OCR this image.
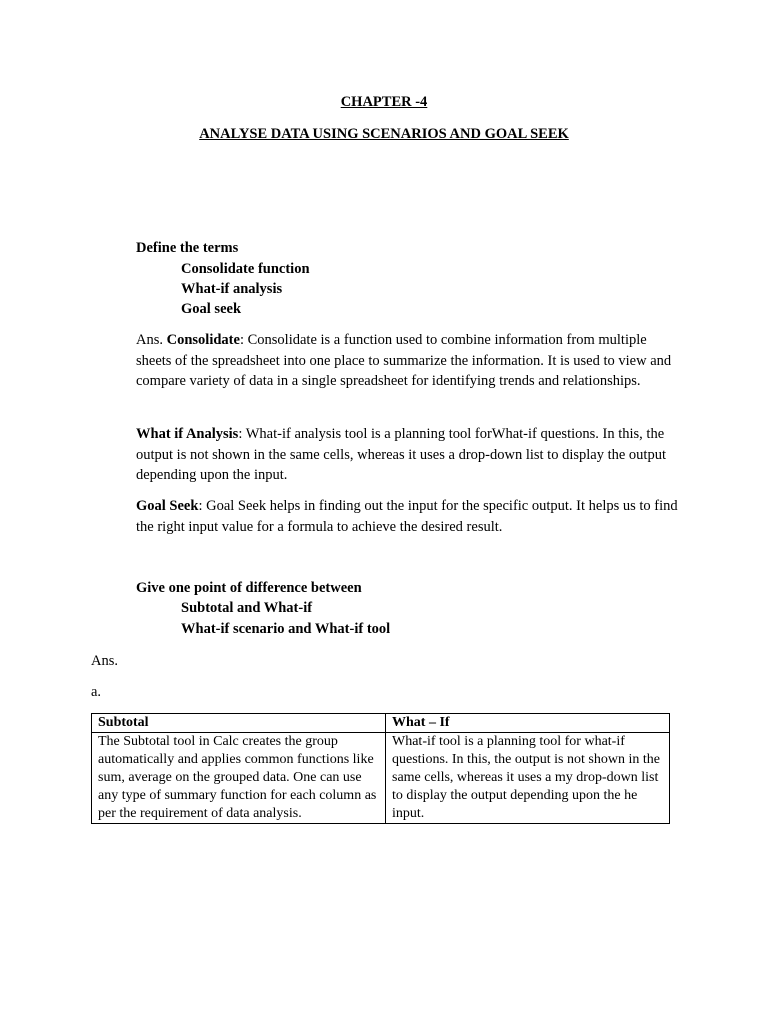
CHAPTER -4
ANALYSE DATA USING SCENARIOS AND GOAL SEEK
Define the terms
Consolidate function
What-if analysis
Goal seek
Ans. Consolidate: Consolidate is a function used to combine information from multiple sheets of the spreadsheet into one place to summarize the information. It is used to view and compare variety of data in a single spreadsheet for identifying trends and relationships.
What if Analysis: What-if analysis tool is a planning tool forWhat-if questions. In this, the output is not shown in the same cells, whereas it uses a drop-down list to display the output depending upon the input.
Goal Seek: Goal Seek helps in finding out the input for the specific output. It helps us to find the right input value for a formula to achieve the desired result.
Give one point of difference between
Subtotal and What-if
What-if scenario and What-if tool
Ans.
a.
Subtotal	What – If
The Subtotal tool in Calc creates the group automatically and applies common functions like sum, average on the grouped data. One can use any type of summary function for each column as per the requirement of data analysis.	What-if tool is a planning tool for what-if questions. In this, the output is not shown in the same cells, whereas it uses a my drop-down list to display the output depending upon the he input.
